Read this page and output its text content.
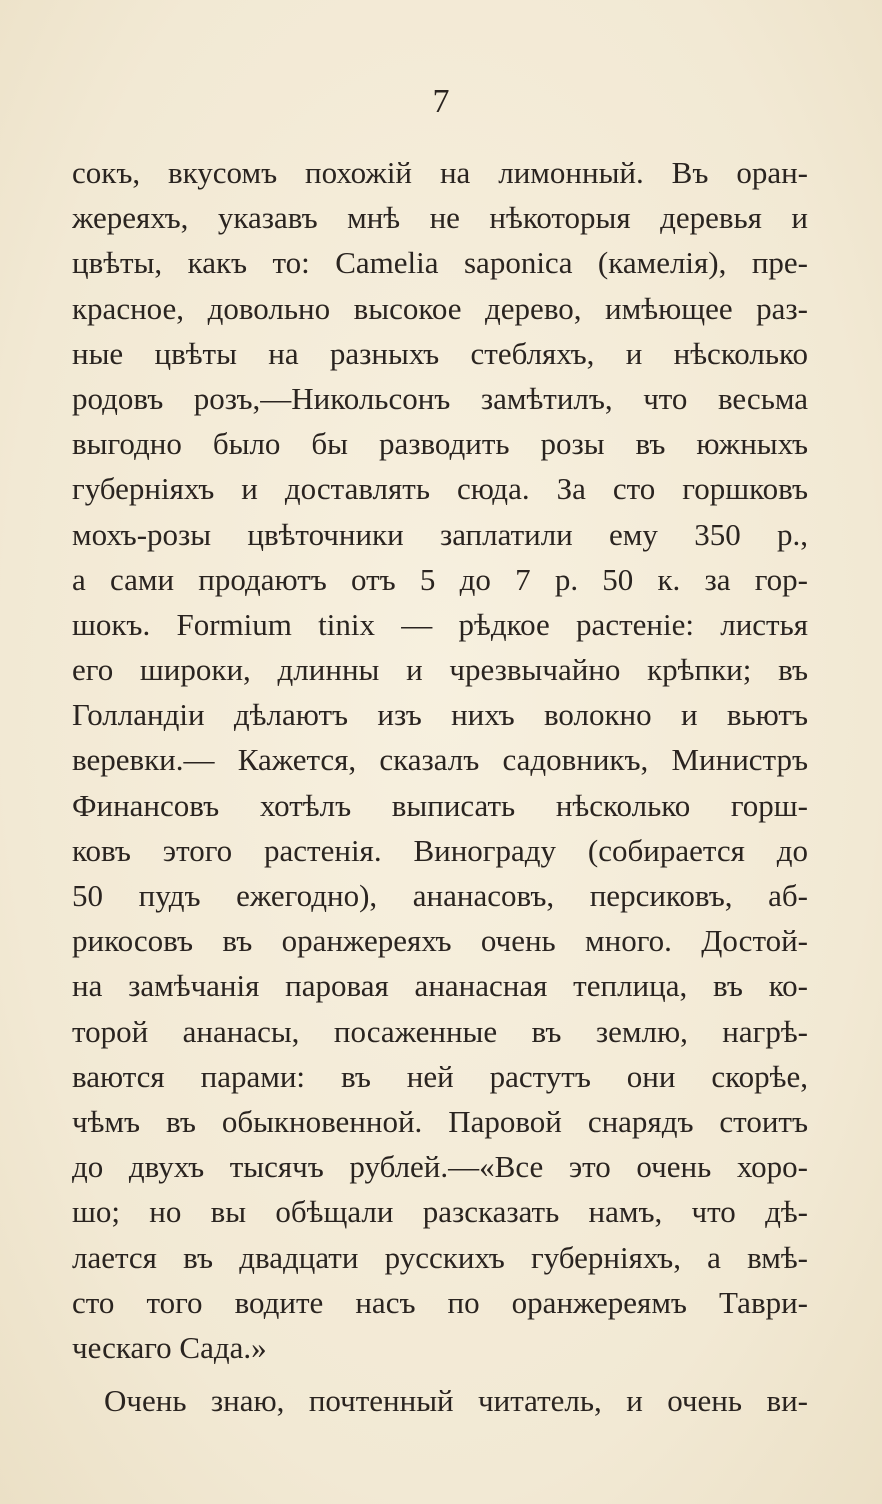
7
сокъ, вкусомъ похожій на лимонный. Въ оран-
жереяхъ, указавъ мнѣ не нѣкоторыя деревья и
цвѣты, какъ то: Camelia saponica (камелія), пре-
красное, довольно высокое дерево, имѣющее раз-
ные цвѣты на разныхъ стебляхъ, и нѣсколько
родовъ розъ,—Никольсонъ замѣтилъ, что весьма
выгодно было бы разводить розы въ южныхъ
губерніяхъ и доставлять сюда. За сто горшковъ
мохъ-розы цвѣточники заплатили ему 350 р.,
а сами продаютъ отъ 5 до 7 р. 50 к. за гор-
шокъ. Formium tinix — рѣдкое растеніе: листья
его широки, длинны и чрезвычайно крѣпки; въ
Голландіи дѣлаютъ изъ нихъ волокно и вьютъ
веревки.— Кажется, сказалъ садовникъ, Министръ
Финансовъ хотѣлъ выписать нѣсколько горш-
ковъ этого растенія. Винограду (собирается до
50 пудъ ежегодно), ананасовъ, персиковъ, аб-
рикосовъ въ оранжереяхъ очень много. Достой-
на замѣчанія паровая ананасная теплица, въ ко-
торой ананасы, посаженные въ землю, нагрѣ-
ваются парами: въ ней растутъ они скорѣе,
чѣмъ въ обыкновенной. Паровой снарядъ стоитъ
до двухъ тысячъ рублей.—«Все это очень хоро-
шо; но вы обѣщали разсказать намъ, что дѣ-
лается въ двадцати русскихъ губерніяхъ, а вмѣ-
сто того водите насъ по оранжереямъ Таври-
ческаго Сада.»
Очень знаю, почтенный читатель, и очень ви-
